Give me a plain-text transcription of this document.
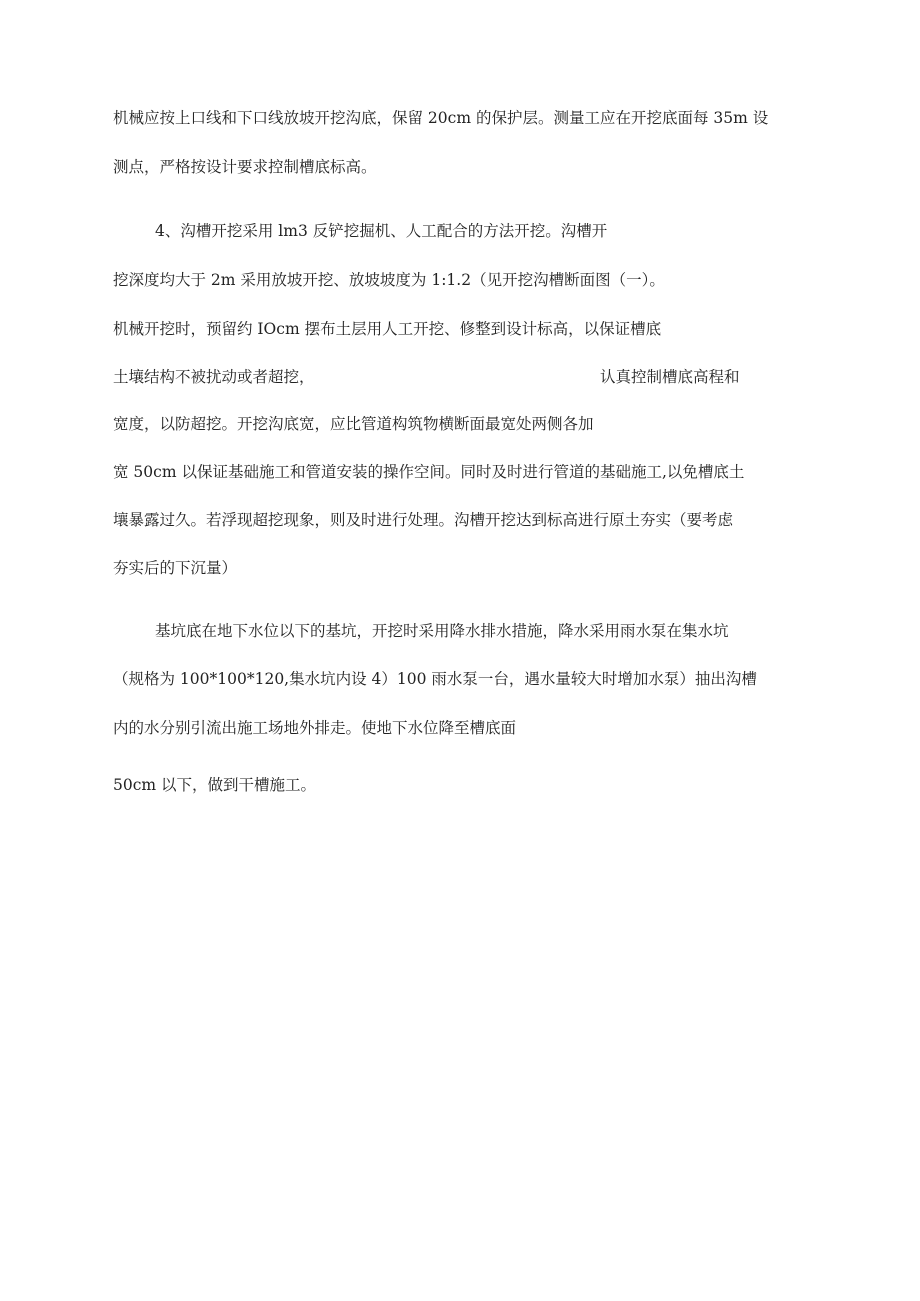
机械应按上口线和下口线放坡开挖沟底，保留 20cm 的保护层。测量工应在开挖底面每 35m 设
测点，严格按设计要求控制槽底标高。
4、沟槽开挖采用 lm3 反铲挖掘机、人工配合的方法开挖。沟槽开
挖深度均大于 2m 采用放坡开挖、放坡坡度为 1:1.2（见开挖沟槽断面图（一）。
机械开挖时，预留约 IOcm 摆布土层用人工开挖、修整到设计标高，以保证槽底
土壤结构不被扰动或者超挖，	认真控制槽底高程和
宽度，以防超挖。开挖沟底宽，应比管道构筑物横断面最宽处两侧各加
宽 50cm 以保证基础施工和管道安装的操作空间。同时及时进行管道的基础施工,以免槽底土
壤暴露过久。若浮现超挖现象，则及时进行处理。沟槽开挖达到标高进行原土夯实（要考虑
夯实后的下沉量）
基坑底在地下水位以下的基坑，开挖时采用降水排水措施，降水采用雨水泵在集水坑
（规格为 100*100*120,集水坑内设 4）100 雨水泵一台，遇水量较大时增加水泵）抽出沟槽
内的水分别引流出施工场地外排走。使地下水位降至槽底面
50cm 以下，做到干槽施工。
